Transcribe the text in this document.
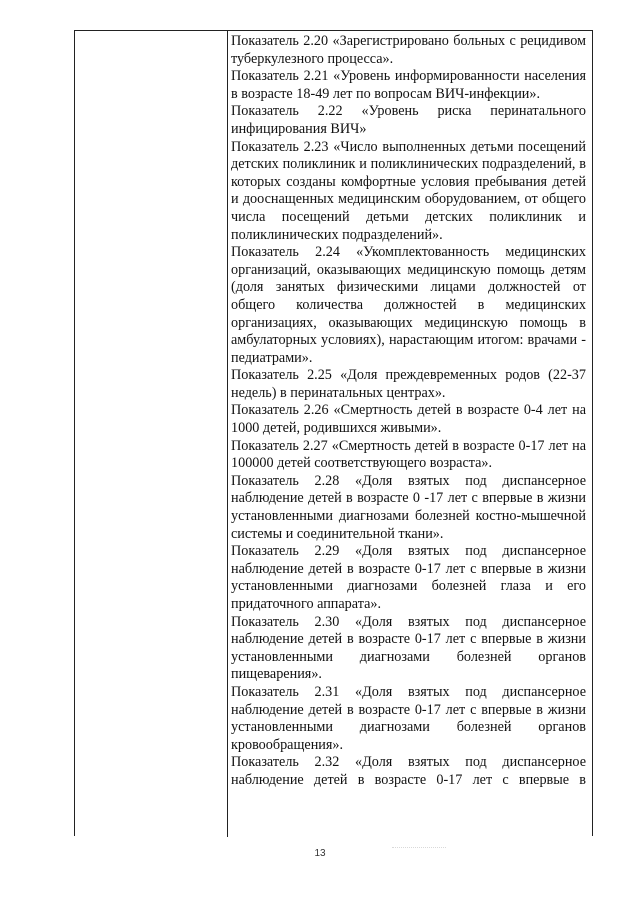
Показатель 2.20 «Зарегистрировано больных с рецидивом туберкулезного процесса».

Показатель 2.21 «Уровень информированности населения в возрасте 18-49 лет по вопросам ВИЧ-инфекции».

Показатель 2.22 «Уровень риска перинатального инфицирования ВИЧ»

Показатель 2.23 «Число выполненных детьми посещений детских поликлиник и поликлинических подразделений, в которых созданы комфортные условия пребывания детей и дооснащенных медицинским оборудованием, от общего числа посещений детьми детских поликлиник и поликлинических подразделений».

Показатель 2.24 «Укомплектованность медицинских организаций, оказывающих медицинскую помощь детям (доля занятых физическими лицами должностей от общего количества должностей в медицинских организациях, оказывающих медицинскую помощь в амбулаторных условиях), нарастающим итогом: врачами - педиатрами».

Показатель 2.25 «Доля преждевременных родов (22-37 недель) в перинатальных центрах».

Показатель 2.26 «Смертность детей в возрасте 0-4 лет на 1000 детей, родившихся живыми».

Показатель 2.27 «Смертность детей в возрасте 0-17 лет на 100000 детей соответствующего возраста».

Показатель 2.28 «Доля взятых под диспансерное наблюдение детей в возрасте 0 -17 лет с впервые в жизни установленными диагнозами болезней костно-мышечной системы и соединительной ткани».

Показатель 2.29 «Доля взятых под диспансерное наблюдение детей в возрасте 0-17 лет с впервые в жизни установленными диагнозами болезней глаза и его придаточного аппарата».

Показатель 2.30 «Доля взятых под диспансерное наблюдение детей в возрасте 0-17 лет с впервые в жизни установленными диагнозами болезней органов пищеварения».

Показатель 2.31 «Доля взятых под диспансерное наблюдение детей в возрасте 0-17 лет с впервые в жизни установленными диагнозами болезней органов кровообращения».

Показатель 2.32 «Доля взятых под диспансерное наблюдение детей в возрасте 0-17 лет с впервые в

13
